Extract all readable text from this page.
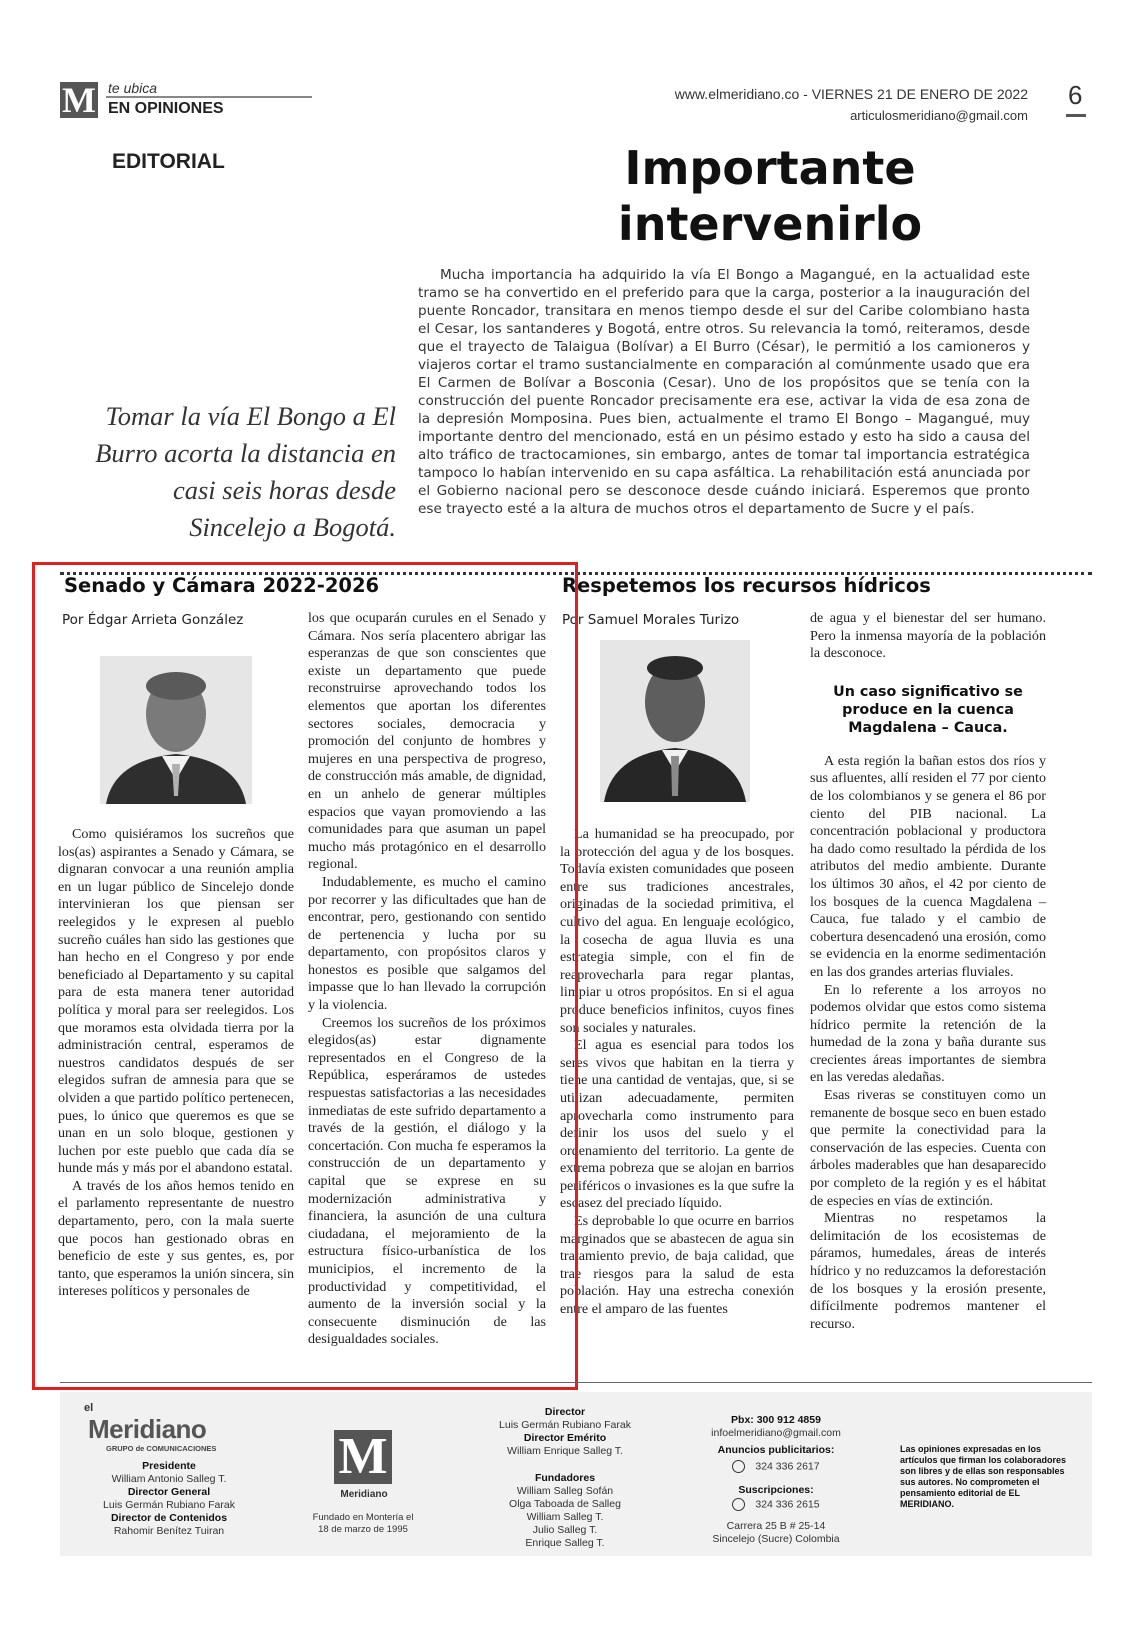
M te ubica
EN OPINIONES
www.elmeridiano.co - VIERNES 21 DE ENERO DE 2022
articulosmeridiano@gmail.com
6
EDITORIAL	Importante intervenirlo
Mucha importancia ha adquirido la vía El Bongo a Magangué, en la actualidad este tramo se ha convertido en el preferido para que la carga, posterior a la inauguración del puente Roncador, transitara en menos tiempo desde el sur del Caribe colombiano hasta el Cesar, los santanderes y Bogotá, entre otros. Su relevancia la tomó, reiteramos, desde que el trayecto de Talaigua (Bolívar) a El Burro (César), le permitió a los camioneros y viajeros cortar el tramo sustancialmente en comparación al comúnmente usado que era El Carmen de Bolívar a Bosconia (Cesar). Uno de los propósitos que se tenía con la construcción del puente Roncador precisamente era ese, activar la vida de esa zona de la depresión Momposina. Pues bien, actualmente el tramo El Bongo – Magangué, muy importante dentro del mencionado, está en un pésimo estado y esto ha sido a causa del alto tráfico de tractocamiones, sin embargo, antes de tomar tal importancia estratégica tampoco lo habían intervenido en su capa asfáltica. La rehabilitación está anunciada por el Gobierno nacional pero se desconoce desde cuándo iniciará. Esperemos que pronto ese trayecto esté a la altura de muchos otros el departamento de Sucre y el país.
Tomar la vía El Bongo a El Burro acorta la distancia en casi seis horas desde Sincelejo a Bogotá.
Senado y Cámara 2022-2026
Por Édgar Arrieta González

Como quisiéramos los sucreños que los(as) aspirantes a Senado y Cámara, se dignaran convocar a una reunión amplia en un lugar público de Sincelejo donde intervinieran los que piensan ser reelegidos y le expresen al pueblo sucreño cuáles han sido las gestiones que han hecho en el Congreso y por ende beneficiado al Departamento y su capital para de esta manera tener autoridad política y moral para ser reelegidos. Los que moramos esta olvidada tierra por la administración central, esperamos de nuestros candidatos después de ser elegidos sufran de amnesia para que se olviden a que partido político pertenecen, pues, lo único que queremos es que se unan en un solo bloque, gestionen y luchen por este pueblo que cada día se hunde más y más por el abandono estatal.

A través de los años hemos tenido en el parlamento representante de nuestro departamento, pero, con la mala suerte que pocos han gestionado obras en beneficio de este y sus gentes, es, por tanto, que esperamos la unión sincera, sin intereses políticos y personales de

los que ocuparán curules en el Senado y Cámara. Nos sería placentero abrigar las esperanzas de que son conscientes que existe un departamento que puede reconstruirse aprovechando todos los elementos que aportan los diferentes sectores sociales, democracia y promoción del conjunto de hombres y mujeres en una perspectiva de progreso, de construcción más amable, de dignidad, en un anhelo de generar múltiples espacios que vayan promoviendo a las comunidades para que asuman un papel mucho más protagónico en el desarrollo regional.

Indudablemente, es mucho el camino por recorrer y las dificultades que han de encontrar, pero, gestionando con sentido de pertenencia y lucha por su departamento, con propósitos claros y honestos es posible que salgamos del impasse que lo han llevado la corrupción y la violencia.

Creemos los sucreños de los próximos elegidos(as) estar dignamente representados en el Congreso de la República, esperáramos de ustedes respuestas satisfactorias a las necesidades inmediatas de este sufrido departamento a través de la gestión, el diálogo y la concertación. Con mucha fe esperamos la construcción de un departamento y capital que se exprese en su modernización administrativa y financiera, la asunción de una cultura ciudadana, el mejoramiento de la estructura físico-urbanística de los municipios, el incremento de la productividad y competitividad, el aumento de la inversión social y la consecuente disminución de las desigualdades sociales.

Respetemos los recursos hídricos
Por Samuel Morales Turizo

La humanidad se ha preocupado, por la protección del agua y de los bosques. Todavía existen comunidades que poseen entre sus tradiciones ancestrales, originadas de la sociedad primitiva, el cultivo del agua. En lenguaje ecológico, la cosecha de agua lluvia es una estrategia simple, con el fin de reaprovecharla para regar plantas, limpiar u otros propósitos. En si el agua produce beneficios infinitos, cuyos fines son sociales y naturales.

El agua es esencial para todos los seres vivos que habitan en la tierra y tiene una cantidad de ventajas, que, si se utilizan adecuadamente, permiten aprovecharla como instrumento para definir los usos del suelo y el ordenamiento del territorio. La gente de extrema pobreza que se alojan en barrios periféricos o invasiones es la que sufre la escasez del preciado líquido.

Es deprobable lo que ocurre en barrios marginados que se abastecen de agua sin tratamiento previo, de baja calidad, que trae riesgos para la salud de esta población. Hay una estrecha conexión entre el amparo de las fuentes

de agua y el bienestar del ser humano. Pero la inmensa mayoría de la población la desconoce.

Un caso significativo se produce en la cuenca Magdalena – Cauca.

A esta región la bañan estos dos ríos y sus afluentes, allí residen el 77 por ciento de los colombianos y se genera el 86 por ciento del PIB nacional. La concentración poblacional y productora ha dado como resultado la pérdida de los atributos del medio ambiente. Durante los últimos 30 años, el 42 por ciento de los bosques de la cuenca Magdalena – Cauca, fue talado y el cambio de cobertura desencadenó una erosión, como se evidencia en la enorme sedimentación en las dos grandes arterias fluviales.

En lo referente a los arroyos no podemos olvidar que estos como sistema hídrico permite la retención de la humedad de la zona y baña durante sus crecientes áreas importantes de siembra en las veredas aledañas.

Esas riveras se constituyen como un remanente de bosque seco en buen estado que permite la conectividad para la conservación de las especies. Cuenta con árboles maderables que han desaparecido por completo de la región y es el hábitat de especies en vías de extinción.

Mientras no respetamos la delimitación de los ecosistemas de páramos, humedales, áreas de interés hídrico y no reduzcamos la deforestación de los bosques y la erosión presente, difícilmente podremos mantener el recurso.

el
Meridiano
GRUPO de COMUNICACIONES
Presidente
William Antonio Salleg T.
Director General
Luis Germán Rubiano Farak
Director de Contenidos
Rahomir Benítez Tuiran
M
Meridiano
Fundado en Montería el 18 de marzo de 1995
Director
Luis Germán Rubiano Farak
Director Emérito
William Enrique Salleg T.
Fundadores
William Salleg Sofán
Olga Taboada de Salleg
William Salleg T.
Julio Salleg T.
Enrique Salleg T.
Pbx: 300 912 4859
infoelmeridiano@gmail.com
Anuncios publicitarios:
324 336 2617
Suscripciones:
324 336 2615
Carrera 25 B # 25-14
Sincelejo (Sucre) Colombia
Las opiniones expresadas en los artículos que firman los colaboradores son libres y de ellas son responsables sus autores. No comprometen el pensamiento editorial de EL MERIDIANO.
